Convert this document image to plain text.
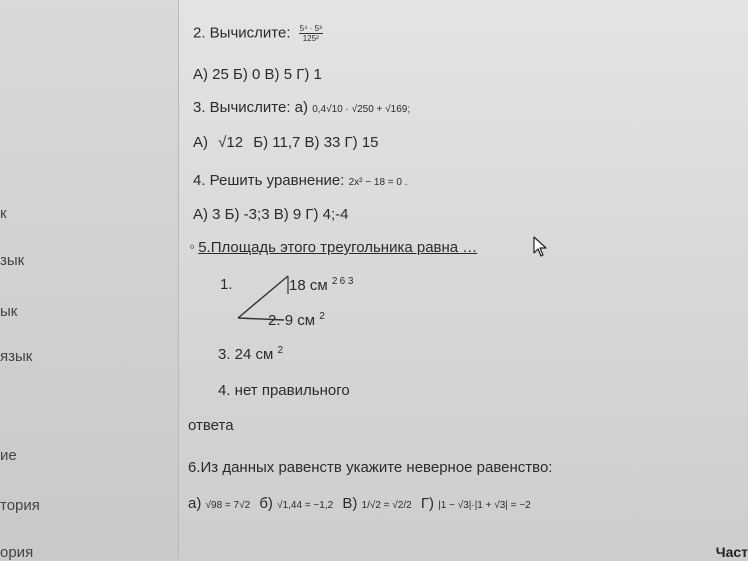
к
зык
ык
язык
ие
тория
ория
2. Вычислите: $\frac{\text{5⁴ · 5³}}{\text{125²}}$
А) 25 Б) 0 В) 5 Г) 1
3. Вычислите: а) 0,4√10 · √250 + √169;
А) √12 Б) 11,7 В) 33 Г) 15
4. Решить уравнение: 2x² − 18 = 0 .
А) 3 Б) -3;3 В) 9 Г) 4;-4
⁰ 5.Площадь этого треугольника равна …
1.	18 см $^2$ $^{6 3}$
2. 9 см $^2$
3. 24 см $^2$
4. нет правильного
ответа
6.Из данных равенств укажите неверное равенство:
а) √98 = 7√2 б) √1,44 = −1,2 В) 1/√2 = √2/2 Г) |1 − √3|·|1 + √3| = −2
Част
